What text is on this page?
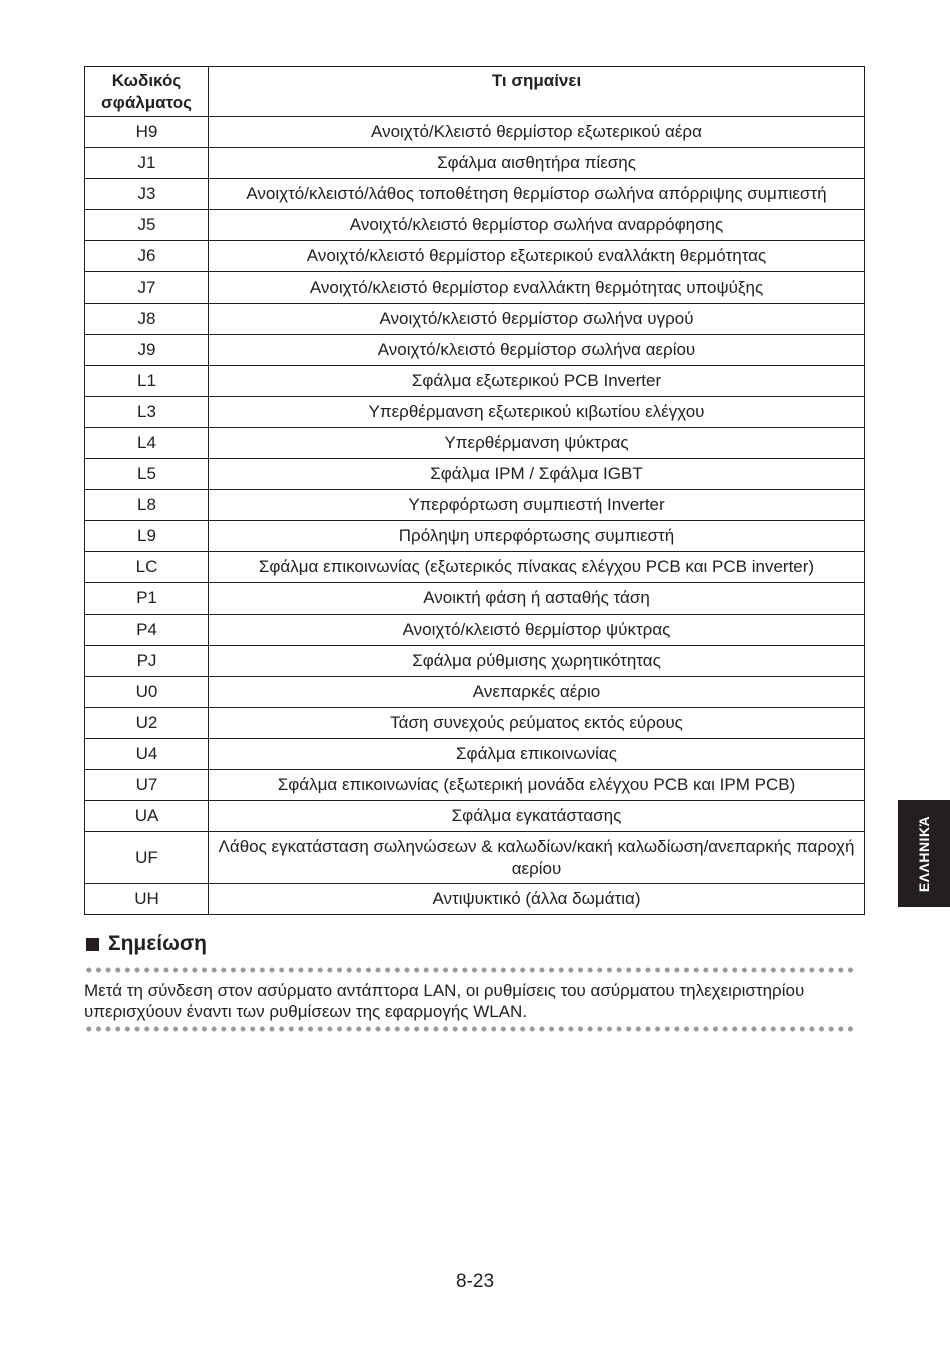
Κωδικός σφάλματος	Τι σημαίνει
H9	Ανοιχτό/Κλειστό θερμίστορ εξωτερικού αέρα
J1	Σφάλμα αισθητήρα πίεσης
J3	Ανοιχτό/κλειστό/λάθος τοποθέτηση θερμίστορ σωλήνα απόρριψης συμπιεστή
J5	Ανοιχτό/κλειστό θερμίστορ σωλήνα αναρρόφησης
J6	Ανοιχτό/κλειστό θερμίστορ εξωτερικού εναλλάκτη θερμότητας
J7	Ανοιχτό/κλειστό θερμίστορ εναλλάκτη θερμότητας υποψύξης
J8	Ανοιχτό/κλειστό θερμίστορ σωλήνα υγρού
J9	Ανοιχτό/κλειστό θερμίστορ σωλήνα αερίου
L1	Σφάλμα εξωτερικού PCB Inverter
L3	Υπερθέρμανση εξωτερικού κιβωτίου ελέγχου
L4	Υπερθέρμανση ψύκτρας
L5	Σφάλμα IPM / Σφάλμα IGBT
L8	Υπερφόρτωση συμπιεστή Inverter
L9	Πρόληψη υπερφόρτωσης συμπιεστή
LC	Σφάλμα επικοινωνίας (εξωτερικός πίνακας ελέγχου PCB και PCB inverter)
P1	Ανοικτή φάση ή ασταθής τάση
P4	Ανοιχτό/κλειστό θερμίστορ ψύκτρας
PJ	Σφάλμα ρύθμισης χωρητικότητας
U0	Ανεπαρκές αέριο
U2	Τάση συνεχούς ρεύματος εκτός εύρους
U4	Σφάλμα επικοινωνίας
U7	Σφάλμα επικοινωνίας (εξωτερική μονάδα ελέγχου PCB και IPM PCB)
UA	Σφάλμα εγκατάστασης
UF	Λάθος εγκατάσταση σωληνώσεων & καλωδίων/κακή καλωδίωση/ανεπαρκής παροχή αερίου
UH	Αντιψυκτικό (άλλα δωμάτια)
Σημείωση
Μετά τη σύνδεση στον ασύρματο αντάπτορα LAN, οι ρυθμίσεις του ασύρματου τηλεχειριστηρίου υπερισχύουν έναντι των ρυθμίσεων της εφαρμογής WLAN.
8-23
ΕΛΛΗΝΙΚΆ
